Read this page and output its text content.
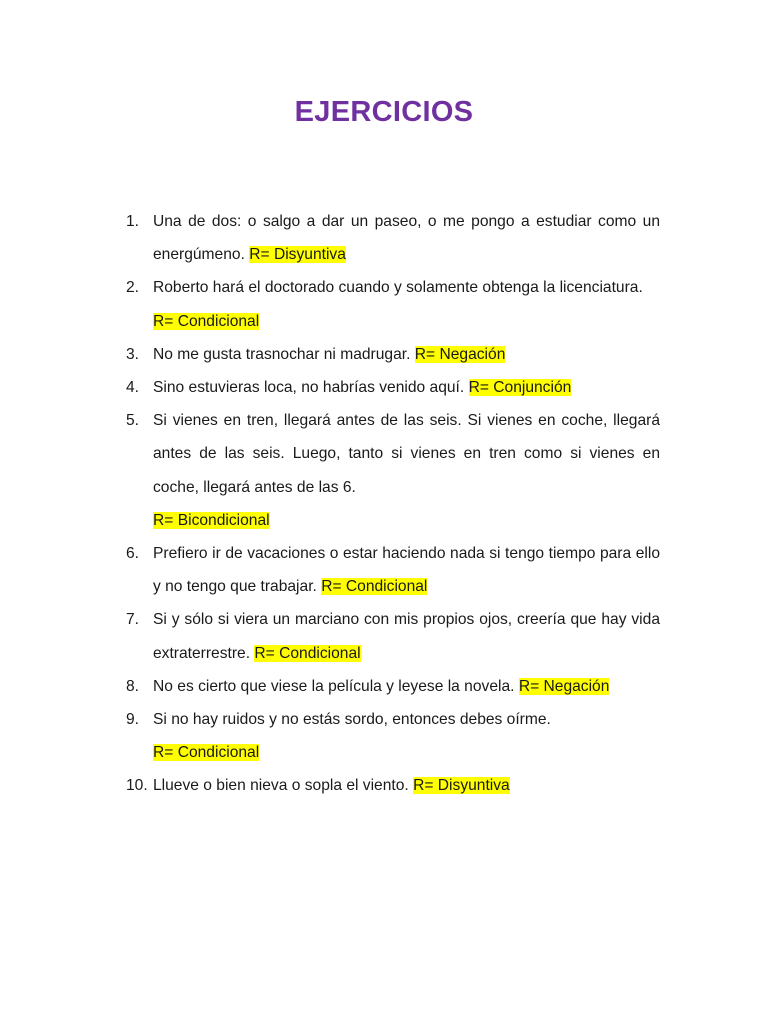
EJERCICIOS
1. Una de dos: o salgo a dar un paseo, o me pongo a estudiar como un energúmeno. R= Disyuntiva
2. Roberto hará el doctorado cuando y solamente obtenga la licenciatura.
R= Condicional
3. No me gusta trasnochar ni madrugar. R= Negación
4. Sino estuvieras loca, no habrías venido aquí. R= Conjunción
5. Si vienes en tren, llegará antes de las seis. Si vienes en coche, llegará antes de las seis. Luego, tanto si vienes en tren como si vienes en coche, llegará antes de las 6.
R= Bicondicional
6. Prefiero ir de vacaciones o estar haciendo nada si tengo tiempo para ello y no tengo que trabajar. R= Condicional
7. Si y sólo si viera un marciano con mis propios ojos, creería que hay vida extraterrestre. R= Condicional
8. No es cierto que viese la película y leyese la novela. R= Negación
9. Si no hay ruidos y no estás sordo, entonces debes oírme.
R= Condicional
10. Llueve o bien nieva o sopla el viento. R= Disyuntiva
